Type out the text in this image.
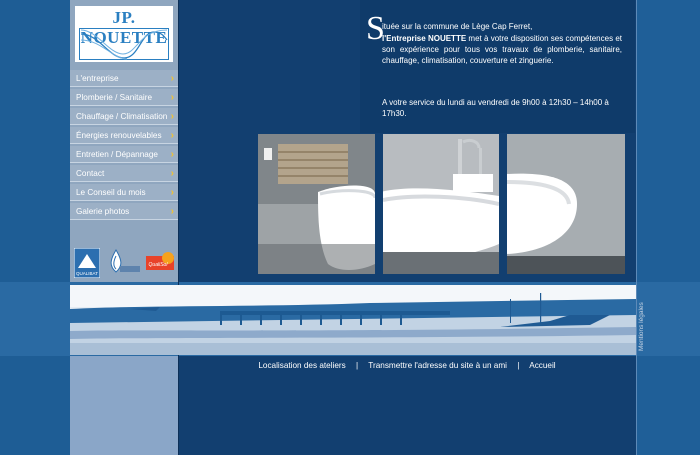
JP. NOUETTE
L'entreprise	›
Plomberie / Sanitaire ›
Chauffage / Climatisation ›
Énergies renouvelables ›
Entretien / Dépannage ›
Contact	›
Le Conseil du mois	›
Galerie photos	›
QUALIBAT
QualiSol
S
ituée sur la commune de Lège Cap Ferret,
l'Entreprise NOUETTE met à votre disposition ses compétences et son expérience pour tous vos travaux de plomberie, sanitaire, chauffage, climatisation, couverture et zinguerie.
A votre service du lundi au vendredi de 9h00 à 12h30 – 14h00 à 17h30.
Mentions légales
Localisation des ateliers | Transmettre l'adresse du site à un ami | Accueil
